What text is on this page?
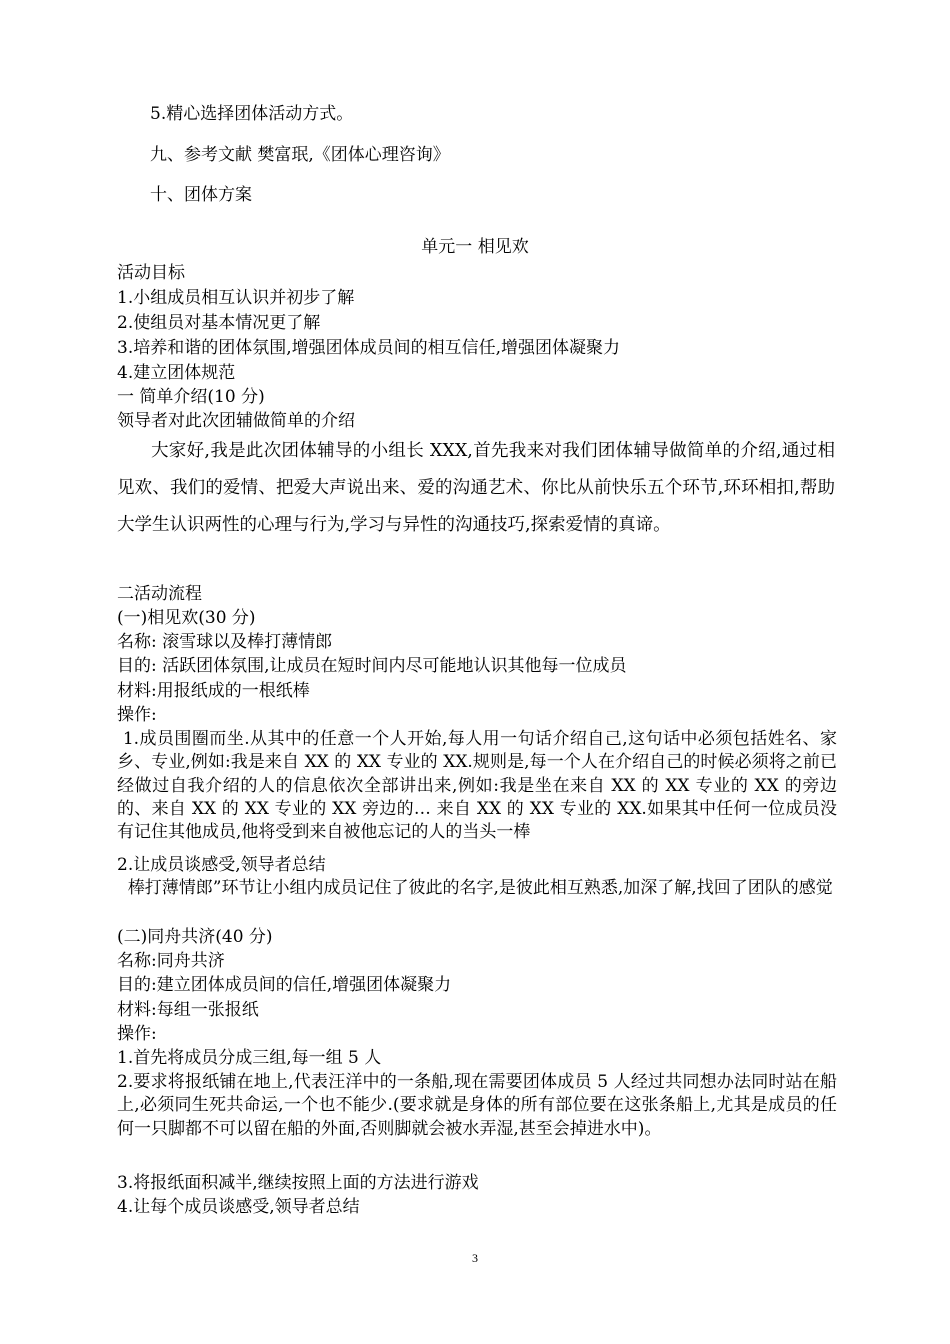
5.精心选择团体活动方式。
九、参考文献 樊富珉,《团体心理咨询》
十、团体方案
单元一 相见欢
活动目标
1.小组成员相互认识并初步了解
2.使组员对基本情况更了解
3.培养和谐的团体氛围,增强团体成员间的相互信任,增强团体凝聚力
4.建立团体规范
一 简单介绍(10 分)
领导者对此次团辅做简单的介绍
大家好,我是此次团体辅导的小组长 XXX,首先我来对我们团体辅导做简单的介绍,通过相见欢、我们的爱情、把爱大声说出来、爱的沟通艺术、你比从前快乐五个环节,环环相扣,帮助大学生认识两性的心理与行为,学习与异性的沟通技巧,探索爱情的真谛。
二活动流程
(一)相见欢(30 分)
名称: 滚雪球以及棒打薄情郎
目的: 活跃团体氛围,让成员在短时间内尽可能地认识其他每一位成员
材料:用报纸成的一根纸棒
操作:
1.成员围圈而坐.从其中的任意一个人开始,每人用一句话介绍自己,这句话中必须包括姓名、家乡、专业,例如:我是来自 XX 的 XX 专业的 XX.规则是,每一个人在介绍自己的时候必须将之前已经做过自我介绍的人的信息依次全部讲出来,例如:我是坐在来自 XX 的 XX 专业的 XX 的旁边的、来自 XX 的 XX 专业的 XX 旁边的… 来自 XX 的 XX 专业的 XX.如果其中任何一位成员没有记住其他成员,他将受到来自被他忘记的人的当头一棒
2.让成员谈感受,领导者总结
棒打薄情郎”环节让小组内成员记住了彼此的名字,是彼此相互熟悉,加深了解,找回了团队的感觉
(二)同舟共济(40 分)
名称:同舟共济
目的:建立团体成员间的信任,增强团体凝聚力
材料:每组一张报纸
操作:
1.首先将成员分成三组,每一组 5 人
2.要求将报纸铺在地上,代表汪洋中的一条船,现在需要团体成员 5 人经过共同想办法同时站在船上,必须同生死共命运,一个也不能少.(要求就是身体的所有部位要在这张条船上,尤其是成员的任何一只脚都不可以留在船的外面,否则脚就会被水弄湿,甚至会掉进水中)。
3.将报纸面积减半,继续按照上面的方法进行游戏
4.让每个成员谈感受,领导者总结
3
